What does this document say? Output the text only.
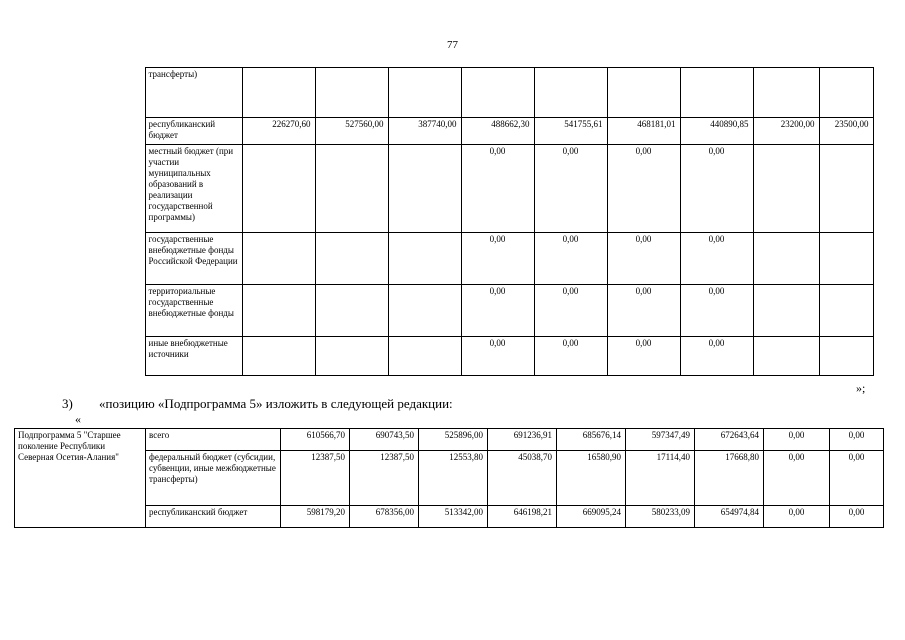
77
	трансферты)									
	республиканский бюджет	226270,60	527560,00	387740,00	488662,30	541755,61	468181,01	440890,85	23200,00	23500,00
	местный бюджет (при участии муниципальных образований в реализации государственной программы)				0,00	0,00	0,00	0,00		
	государственные внебюджетные фонды Российской Федерации				0,00	0,00	0,00	0,00		
	территориальные государственные внебюджетные фонды				0,00	0,00	0,00	0,00		
	иные внебюджетные источники				0,00	0,00	0,00	0,00		
»;
3) «позицию «Подпрограмма 5» изложить в следующей редакции:
«
Подпрограмма 5 "Старшее поколение Республики Северная Осетия-Алания"	всего	610566,70	690743,50	525896,00	691236,91	685676,14	597347,49	672643,64	0,00	0,00
	федеральный бюджет (субсидии, субвенции, иные межбюджетные трансферты)	12387,50	12387,50	12553,80	45038,70	16580,90	17114,40	17668,80	0,00	0,00
	республиканский бюджет	598179,20	678356,00	513342,00	646198,21	669095,24	580233,09	654974,84	0,00	0,00
